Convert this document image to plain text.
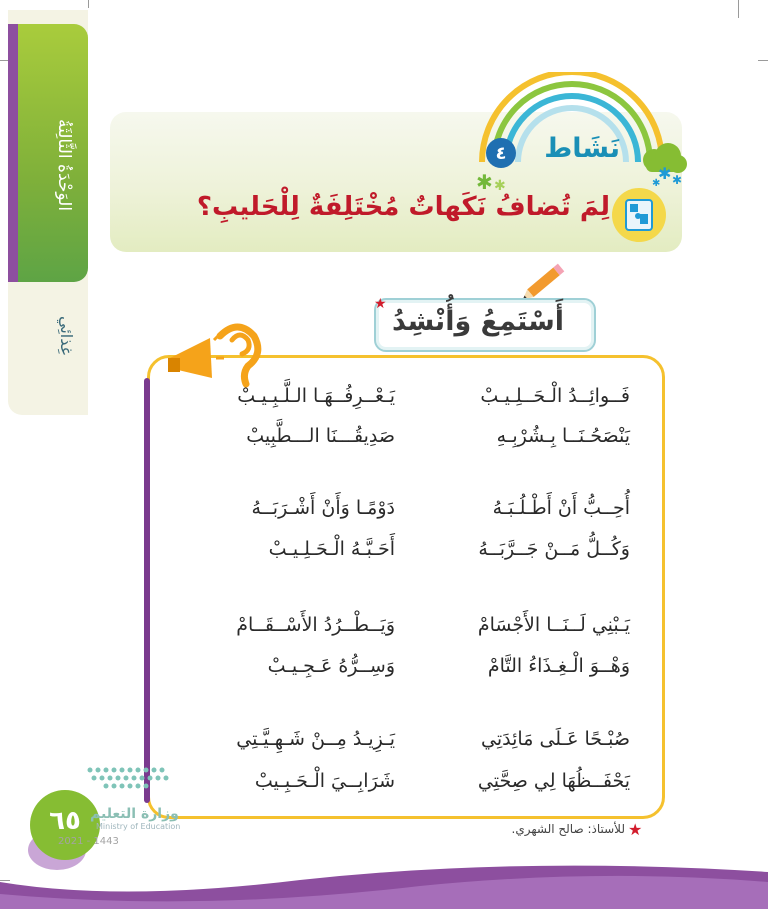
الوَحْدَةُ الثَّالِثَةُ
غِذائِي
✱
✱
نَشَاط
٤
✱ ✱
✱
لِمَ تُضافُ نَكَهاتٌ مُخْتَلِفَةٌ لِلْحَليبِ؟
أَسْتَمِعُ وَأُنْشِدُ
★
فَــوائِــدُ الْـحَــلِـيـبْ
يَـعْــرِفُــهَـا الـلَّـبِـيـبْ
يَنْصَحُـنَــا بِـشُرْبِـهِ
صَدِيقُـــنَا الـــطَّبِيبْ
أُحِــبُّ أَنْ أَطْـلُـبَـهُ
دَوْمًـا وَأَنْ أَشْـرَبَــهُ
وَكُــلُّ مَــنْ جَــرَّبَــهُ
أَحَـبَّـهُ الْـحَـلِـيـبْ
يَـبْنِي لَــنَــا الأَجْسَامْ
وَيَــطْــرُدُ الأَسْــقَــامْ
وَهْــوَ الْـغِـذَاءُ التَّامْ
وَسِــرُّهُ عَـجِـيـبْ
صُبْـحًا عَـلَى مَائِدَتِي
يَـزِيـدُ مِــنْ شَـهِـيَّـتِي
يَحْفَــظُهَا لِي صِحَّتِي
شَرَابِــيَ الْـحَـبِـيبْ
★
للأستاذ: صالح الشهري.
٦٥ وزارة التعليم
Ministry of Education
2021 - 1443
